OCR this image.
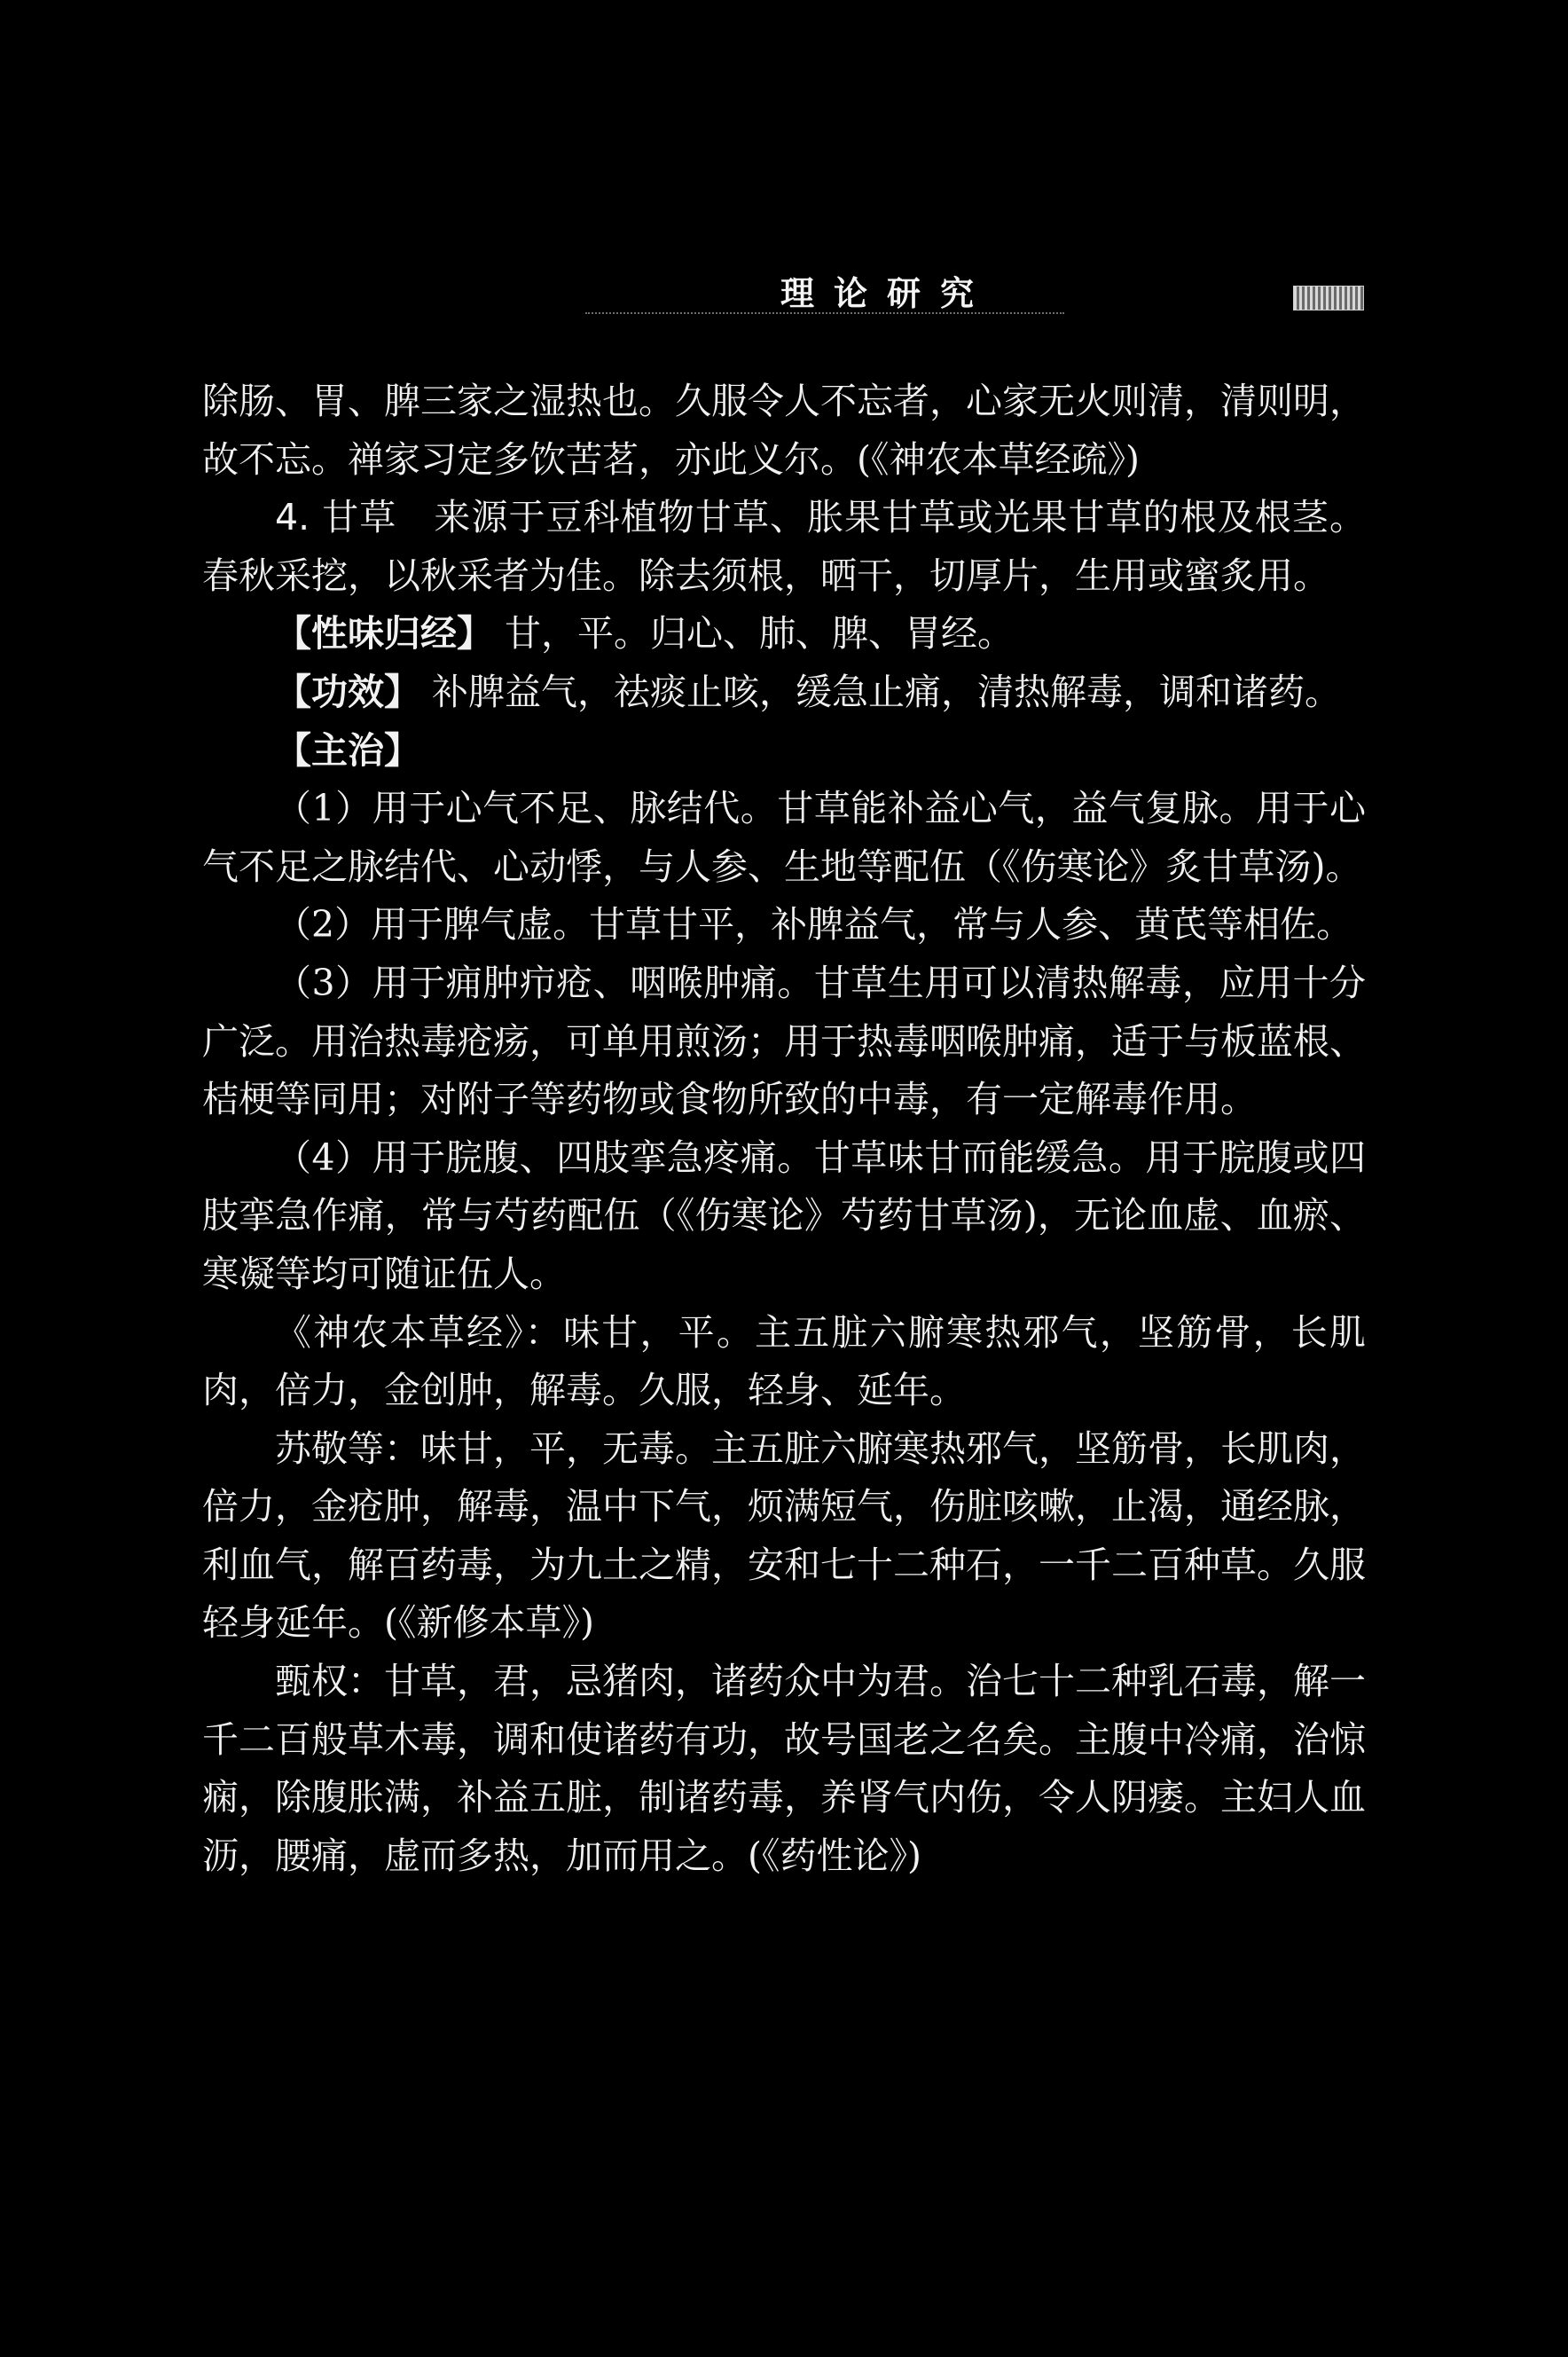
理论研究

除肠、胃、脾三家之湿热也。久服令人不忘者，心家无火则清，清则明，故不忘。禅家习定多饮苦茗，亦此义尔。(《神农本草经疏》)

4. 甘草　来源于豆科植物甘草、胀果甘草或光果甘草的根及根茎。春秋采挖，以秋采者为佳。除去须根，晒干，切厚片，生用或蜜炙用。

【性味归经】 甘，平。归心、肺、脾、胃经。

【功效】 补脾益气，祛痰止咳，缓急止痛，清热解毒，调和诸药。

【主治】

（1）用于心气不足、脉结代。甘草能补益心气，益气复脉。用于心气不足之脉结代、心动悸，与人参、生地等配伍（《伤寒论》炙甘草汤)。

（2）用于脾气虚。甘草甘平，补脾益气，常与人参、黄芪等相佐。

（3）用于痈肿疖疮、咽喉肿痛。甘草生用可以清热解毒，应用十分广泛。用治热毒疮疡，可单用煎汤；用于热毒咽喉肿痛，适于与板蓝根、桔梗等同用；对附子等药物或食物所致的中毒，有一定解毒作用。

（4）用于脘腹、四肢挛急疼痛。甘草味甘而能缓急。用于脘腹或四肢挛急作痛，常与芍药配伍（《伤寒论》芍药甘草汤)，无论血虚、血瘀、寒凝等均可随证伍人。

《神农本草经》：味甘，平。主五脏六腑寒热邪气，坚筋骨，长肌肉，倍力，金创肿，解毒。久服，轻身、延年。

苏敬等：味甘，平，无毒。主五脏六腑寒热邪气，坚筋骨，长肌肉，倍力，金疮肿，解毒，温中下气，烦满短气，伤脏咳嗽，止渴，通经脉，利血气，解百药毒，为九土之精，安和七十二种石，一千二百种草。久服轻身延年。(《新修本草》)

甄权：甘草，君，忌猪肉，诸药众中为君。治七十二种乳石毒，解一千二百般草木毒，调和使诸药有功，故号国老之名矣。主腹中冷痛，治惊痫，除腹胀满，补益五脏，制诸药毒，养肾气内伤，令人阴痿。主妇人血沥，腰痛，虚而多热，加而用之。(《药性论》)
